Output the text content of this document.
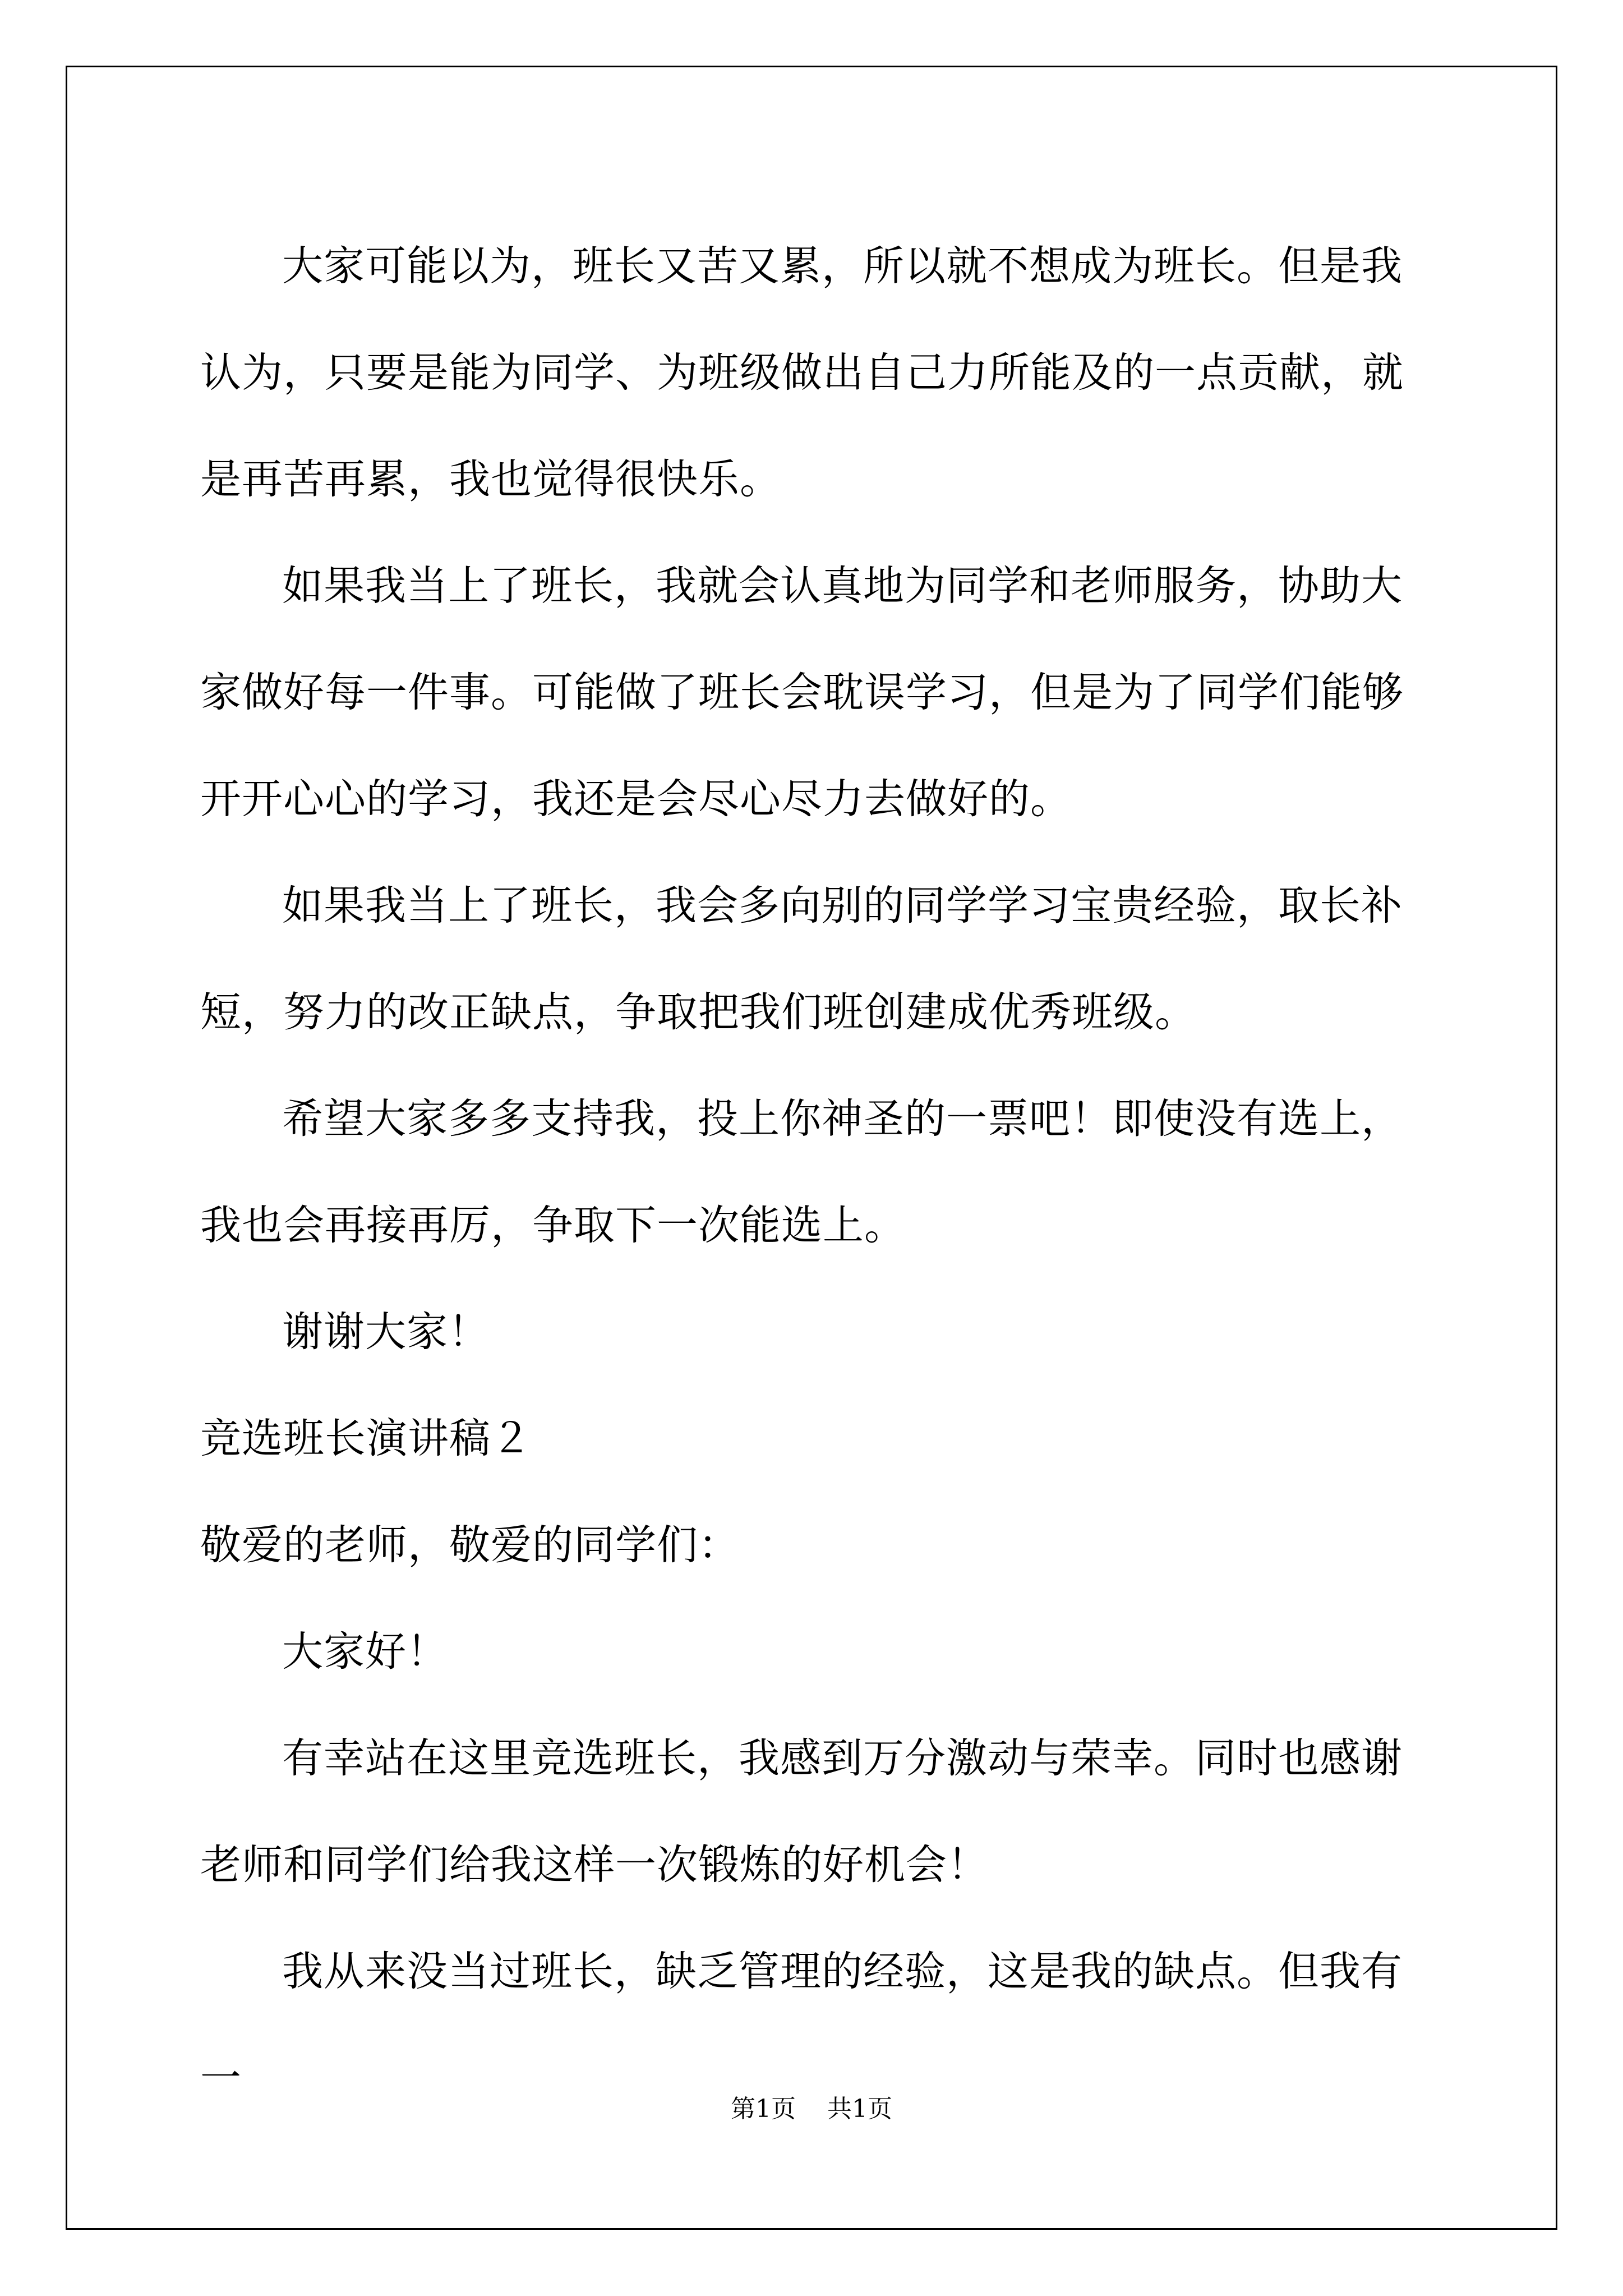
大家可能以为，班长又苦又累，所以就不想成为班长。但是我认为，只要是能为同学、为班级做出自己力所能及的一点贡献，就是再苦再累，我也觉得很快乐。

如果我当上了班长，我就会认真地为同学和老师服务，协助大家做好每一件事。可能做了班长会耽误学习，但是为了同学们能够开开心心的学习，我还是会尽心尽力去做好的。

如果我当上了班长，我会多向别的同学学习宝贵经验，取长补短，努力的改正缺点，争取把我们班创建成优秀班级。

希望大家多多支持我，投上你神圣的一票吧！即使没有选上，我也会再接再厉，争取下一次能选上。

谢谢大家！

竞选班长演讲稿２

敬爱的老师，敬爱的同学们：

大家好！

有幸站在这里竞选班长，我感到万分激动与荣幸。同时也感谢老师和同学们给我这样一次锻炼的好机会！

我从来没当过班长，缺乏管理的经验，这是我的缺点。但我有一

第1页 共1页
